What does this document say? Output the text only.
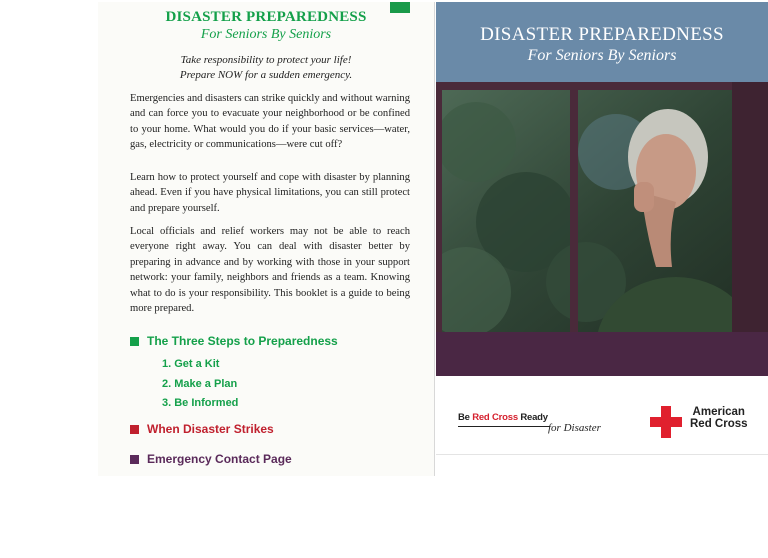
DISASTER PREPAREDNESS
For Seniors By Seniors
Take responsibility to protect your life!
Prepare NOW for a sudden emergency.

Emergencies and disasters can strike quickly and without warning and can force you to evacuate your neighborhood or be confined to your home. What would you do if your basic services—water, gas, electricity or communications—were cut off?

Learn how to protect yourself and cope with disaster by planning ahead. Even if you have physical limitations, you can still protect and prepare yourself.

Local officials and relief workers may not be able to reach everyone right away. You can deal with disaster better by preparing in advance and by working with those in your support network: your family, neighbors and friends as a team. Knowing what to do is your responsibility. This booklet is a guide to being more prepared.

The Three Steps to Preparedness
1. Get a Kit
2. Make a Plan
3. Be Informed
When Disaster Strikes
Emergency Contact Page
DISASTER PREPAREDNESS
For Seniors By Seniors
Be Red Cross Ready
for Disaster
American
Red Cross
